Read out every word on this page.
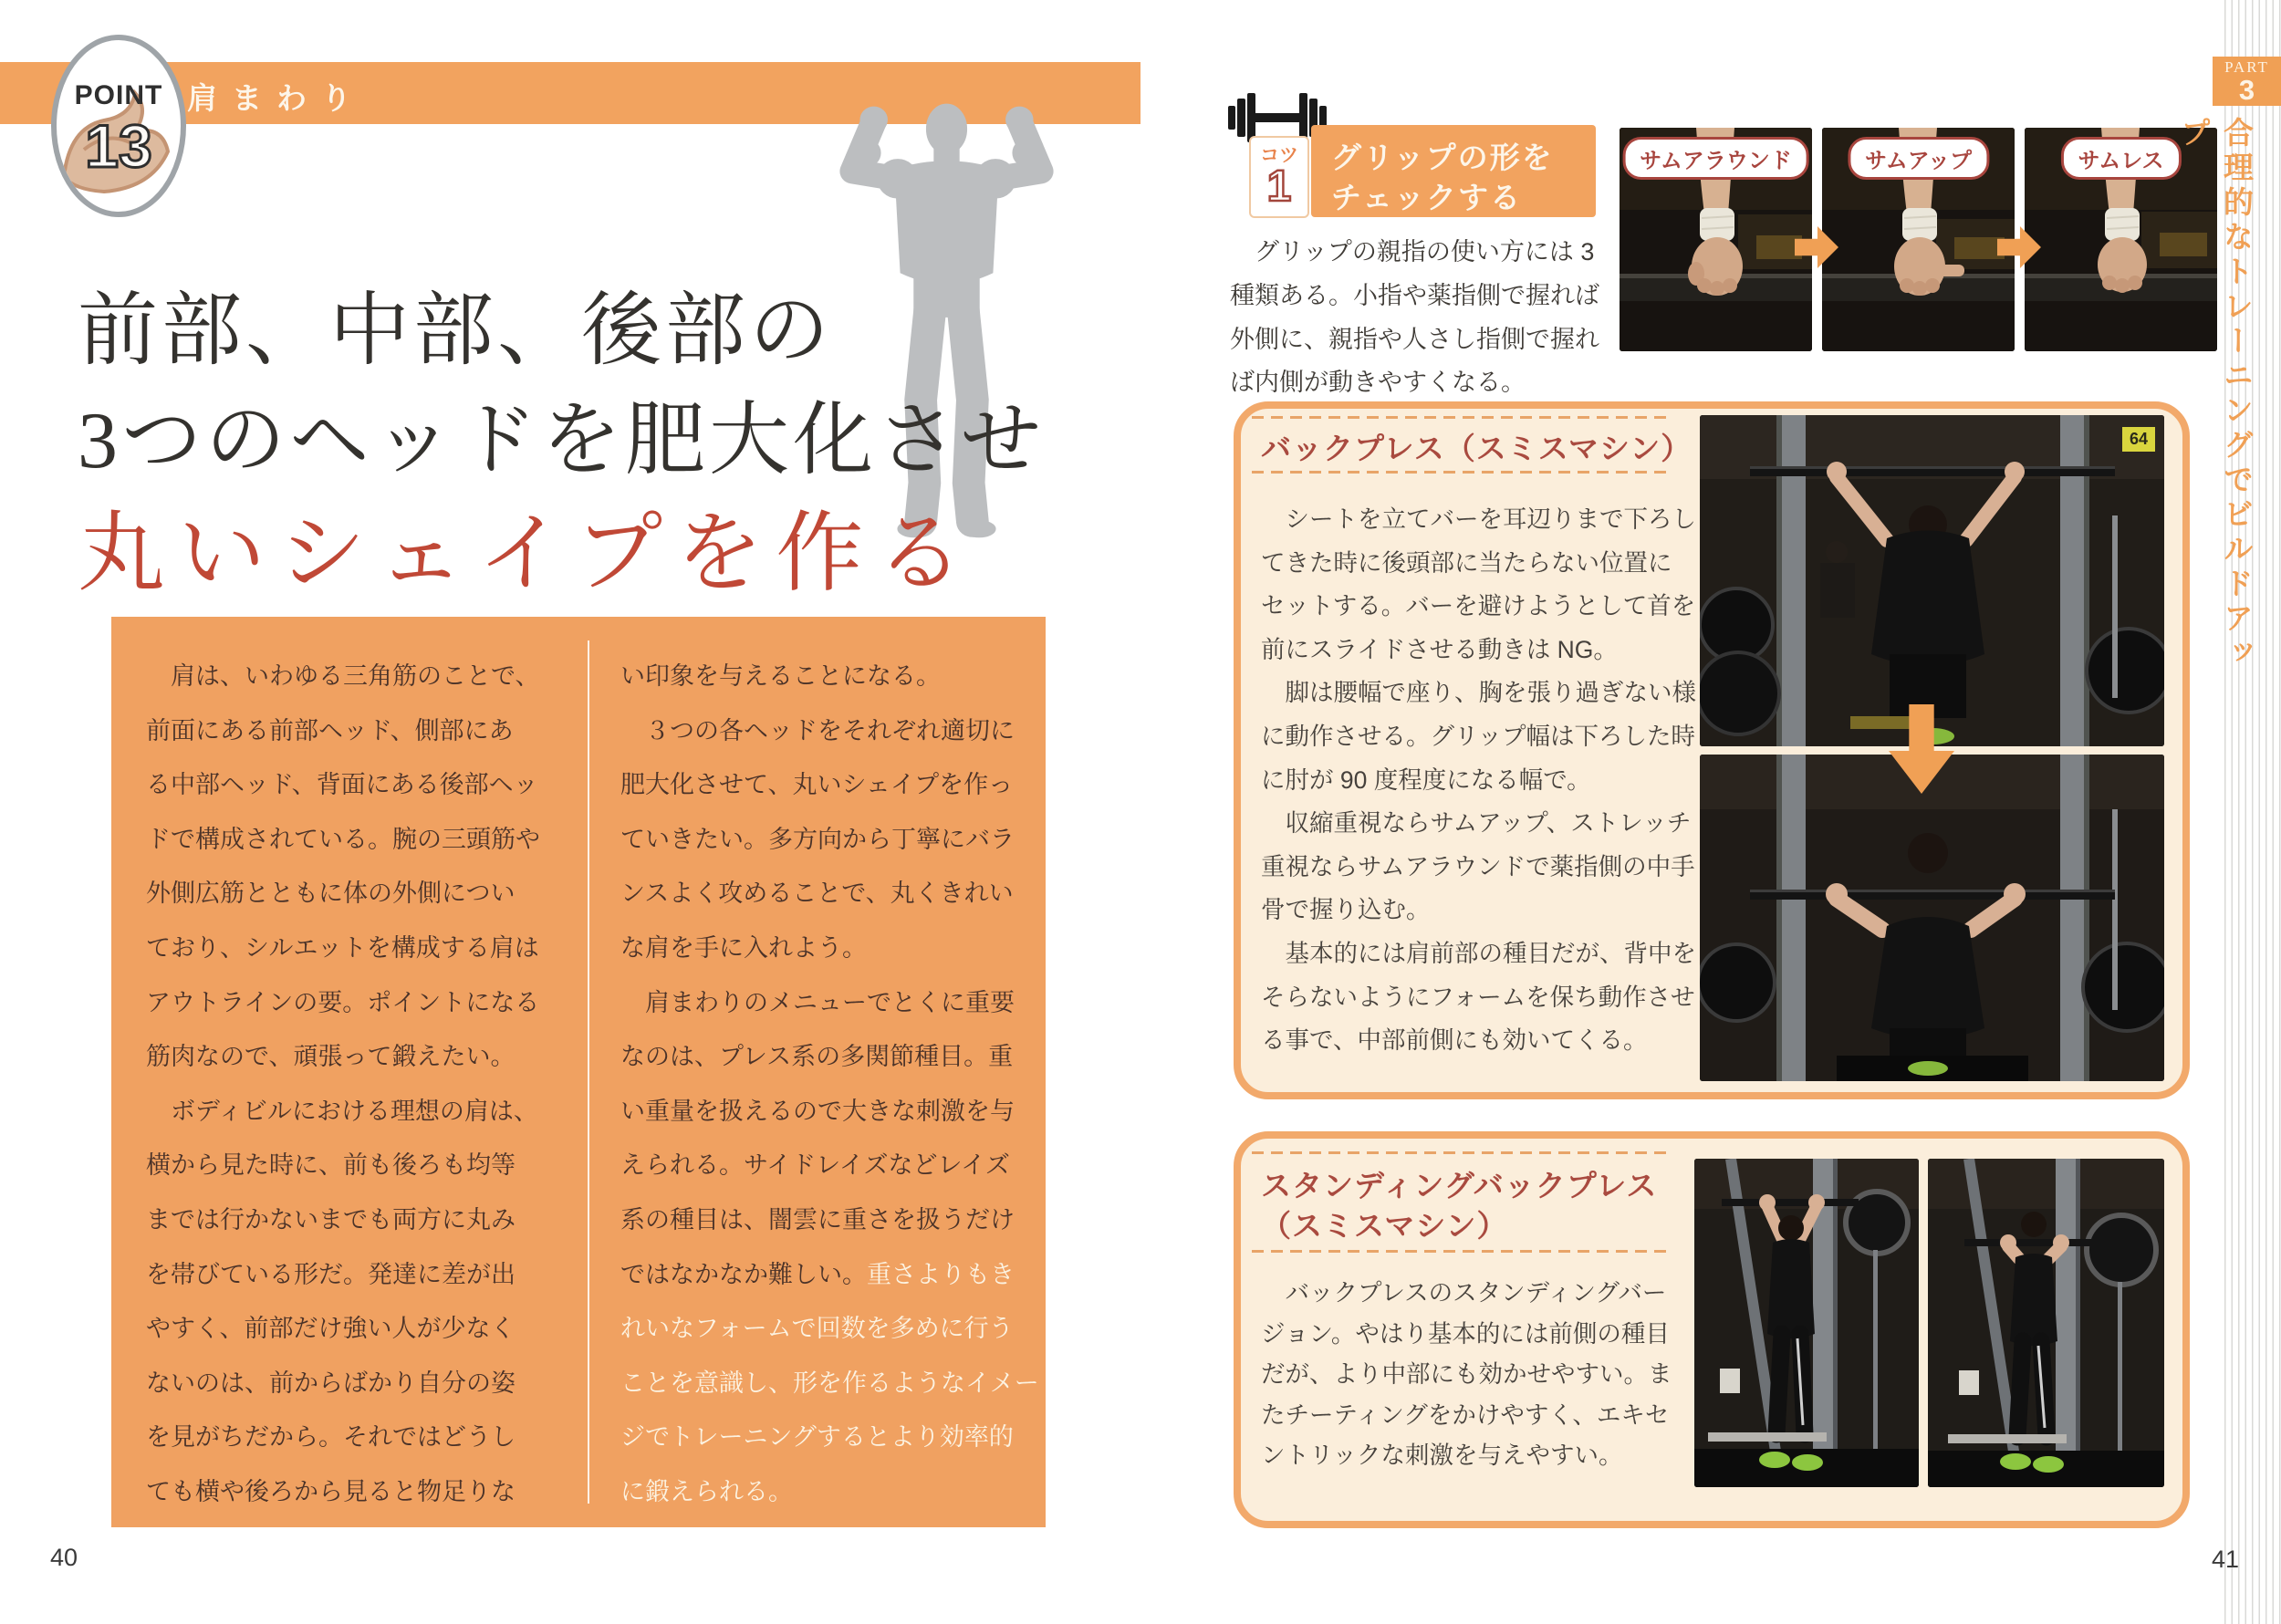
肩まわり
POINT
13
前部、中部、後部の
3つのヘッドを肥大化させ
丸いシェイプを作る
　肩は、いわゆる三角筋のことで、
前面にある前部ヘッド、側部にあ
る中部ヘッド、背面にある後部ヘッ
ドで構成されている。腕の三頭筋や
外側広筋とともに体の外側につい
ており、シルエットを構成する肩は
アウトラインの要。ポイントになる
筋肉なので、頑張って鍛えたい。
　ボディビルにおける理想の肩は、
横から見た時に、前も後ろも均等
までは行かないまでも両方に丸み
を帯びている形だ。発達に差が出
やすく、前部だけ強い人が少なく
ないのは、前からばかり自分の姿
を見がちだから。それではどうし
ても横や後ろから見ると物足りな
い印象を与えることになる。
　３つの各ヘッドをそれぞれ適切に
肥大化させて、丸いシェイプを作っ
ていきたい。多方向から丁寧にバラ
ンスよく攻めることで、丸くきれい
な肩を手に入れよう。
　肩まわりのメニューでとくに重要
なのは、プレス系の多関節種目。重
い重量を扱えるので大きな刺激を与
えられる。サイドレイズなどレイズ
系の種目は、闇雲に重さを扱うだけ
ではなかなか難しい。重さよりもき
れいなフォームで回数を多めに行う
ことを意識し、形を作るようなイメー
ジでトレーニングするとより効率的
に鍛えられる。
40
コツ
1
グリップの形を
チェックする
　グリップの親指の使い方には 3
種類ある。小指や薬指側で握れば
外側に、親指や人さし指側で握れ
ば内側が動きやすくなる。
サムアラウンド	サムアップ	サムレス
バックプレス（スミスマシン）
　シートを立てバーを耳辺りまで下ろし
てきた時に後頭部に当たらない位置に
セットする。バーを避けようとして首を
前にスライドさせる動きは NG。
　脚は腰幅で座り、胸を張り過ぎない様
に動作させる。グリップ幅は下ろした時
に肘が 90 度程度になる幅で。
　収縮重視ならサムアップ、ストレッチ
重視ならサムアラウンドで薬指側の中手
骨で握り込む。
　基本的には肩前部の種目だが、背中を
そらないようにフォームを保ち動作させ
る事で、中部前側にも効いてくる。
64
スタンディングバックプレス
（スミスマシン）
　バックプレスのスタンディングバー
ジョン。やはり基本的には前側の種目
だが、より中部にも効かせやすい。ま
たチーティングをかけやすく、エキセ
ントリックな刺激を与えやすい。
PART
3
合理的なトレーニングでビルドアップ
41
